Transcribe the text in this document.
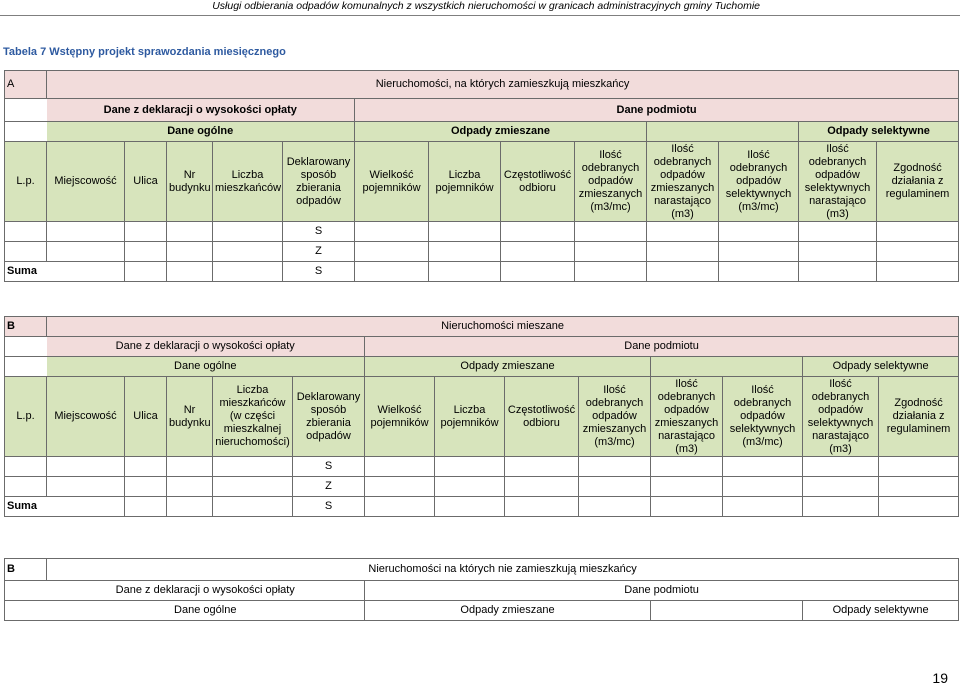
Usługi odbierania odpadów komunalnych z wszystkich nieruchomości w granicach administracyjnych gminy Tuchomie
Tabela 7 Wstępny projekt sprawozdania miesięcznego
A	Nieruchomości, na których zamieszkują mieszkańcy												
	Dane z deklaracji o wysokości opłaty					Dane podmiotu							
	Dane ogólne					Odpady zmieszane						Odpady selektywne	
L.p.	Miejscowość	Ulica	Nr budynku	Liczba mieszkańców	Deklarowany sposób zbierania odpadów	Wielkość pojemników	Liczba pojemników	Częstotliwość odbioru	Ilość odebranych odpadów zmieszanych (m3/mc)	Ilość odebranych odpadów zmieszanych narastająco (m3)	Ilość odebranych odpadów selektywnych (m3/mc)	Ilość odebranych odpadów selektywnych narastająco (m3)	Zgodność działania z regulaminem
					S								
					Z								
Suma					S								
B	Nieruchomości mieszane												
	Dane z deklaracji o wysokości opłaty					Dane podmiotu							
	Dane ogólne					Odpady zmieszane						Odpady selektywne	
L.p.	Miejscowość	Ulica	Nr budynku	Liczba mieszkańców (w części mieszkalnej nieruchomości)	Deklarowany sposób zbierania odpadów	Wielkość pojemników	Liczba pojemników	Częstotliwość odbioru	Ilość odebranych odpadów zmieszanych (m3/mc)	Ilość odebranych odpadów zmieszanych narastająco (m3)	Ilość odebranych odpadów selektywnych (m3/mc)	Ilość odebranych odpadów selektywnych narastająco (m3)	Zgodność działania z regulaminem
					S								
					Z								
Suma					S								
B	Nieruchomości na których nie zamieszkują mieszkańcy			
	Dane z deklaracji o wysokości opłaty	Dane podmiotu		
	Dane ogólne	Odpady zmieszane		Odpady selektywne
19
